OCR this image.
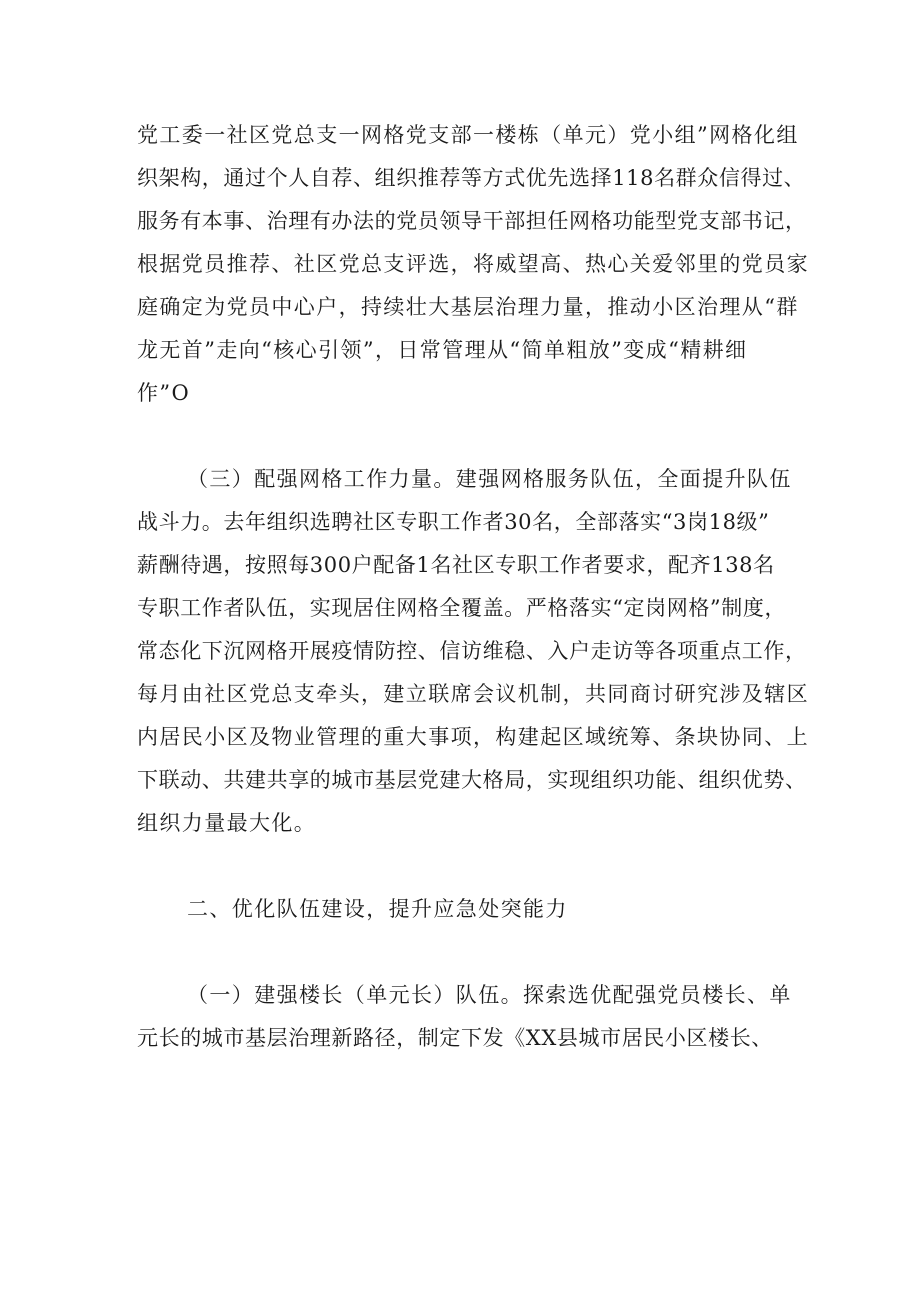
党工委一社区党总支一网格党支部一楼栋（单元）党小组”网格化组
织架构，通过个人自荐、组织推荐等方式优先选择118名群众信得过、
服务有本事、治理有办法的党员领导干部担任网格功能型党支部书记，
根据党员推荐、社区党总支评选，将威望高、热心关爱邻里的党员家
庭确定为党员中心户，持续壮大基层治理力量，推动小区治理从“群
龙无首”走向“核心引领”，日常管理从“简单粗放”变成“精耕细
作”O
（三）配强网格工作力量。建强网格服务队伍，全面提升队伍
战斗力。去年组织选聘社区专职工作者30名，全部落实“3岗18级”
薪酬待遇，按照每300户配备1名社区专职工作者要求，配齐138名
专职工作者队伍，实现居住网格全覆盖。严格落实“定岗网格”制度，
常态化下沉网格开展疫情防控、信访维稳、入户走访等各项重点工作，
每月由社区党总支牵头，建立联席会议机制，共同商讨研究涉及辖区
内居民小区及物业管理的重大事项，构建起区域统筹、条块协同、上
下联动、共建共享的城市基层党建大格局，实现组织功能、组织优势、
组织力量最大化。
二、优化队伍建设，提升应急处突能力
（一）建强楼长（单元长）队伍。探索选优配强党员楼长、单
元长的城市基层治理新路径，制定下发《XX县城市居民小区楼长、
